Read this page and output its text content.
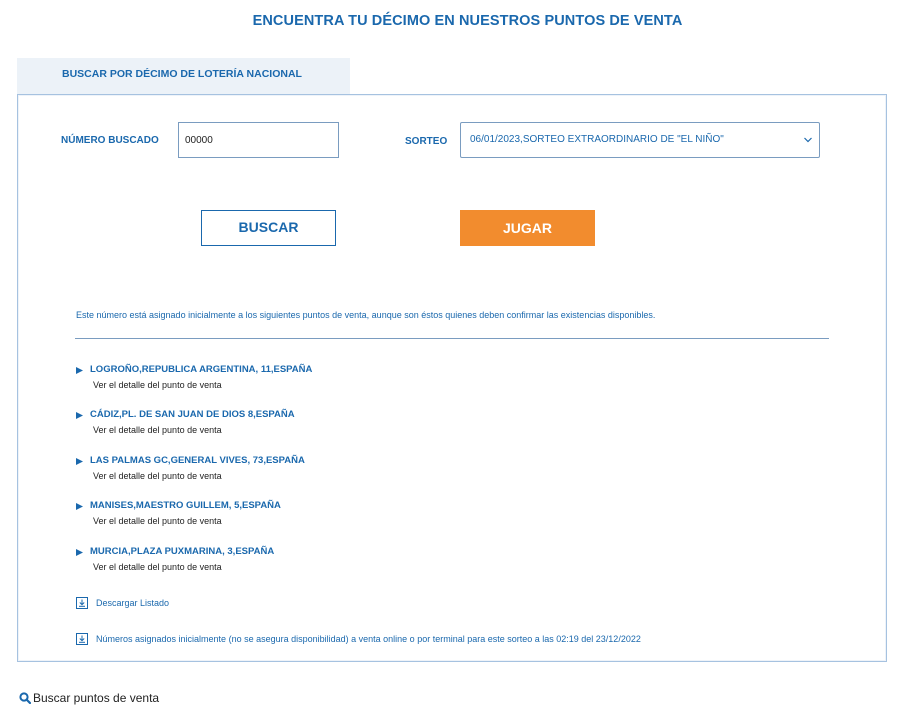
ENCUENTRA TU DÉCIMO EN NUESTROS PUNTOS DE VENTA
BUSCAR POR DÉCIMO DE LOTERÍA NACIONAL
NÚMERO BUSCADO
00000	SORTEO	06/01/2023,SORTEO EXTRAORDINARIO DE "EL NIÑO"
BUSCAR	JUGAR
Este número está asignado inicialmente a los siguientes puntos de venta, aunque son éstos quienes deben confirmar las existencias disponibles.
LOGROÑO,REPUBLICA ARGENTINA, 11,ESPAÑA
Ver el detalle del punto de venta
CÁDIZ,PL. DE SAN JUAN DE DIOS 8,ESPAÑA
Ver el detalle del punto de venta
LAS PALMAS GC,GENERAL VIVES, 73,ESPAÑA
Ver el detalle del punto de venta
MANISES,MAESTRO GUILLEM, 5,ESPAÑA
Ver el detalle del punto de venta
MURCIA,PLAZA PUXMARINA, 3,ESPAÑA
Ver el detalle del punto de venta
Descargar Listado
Números asignados inicialmente (no se asegura disponibilidad) a venta online o por terminal para este sorteo a las 02:19 del 23/12/2022
Buscar puntos de venta
